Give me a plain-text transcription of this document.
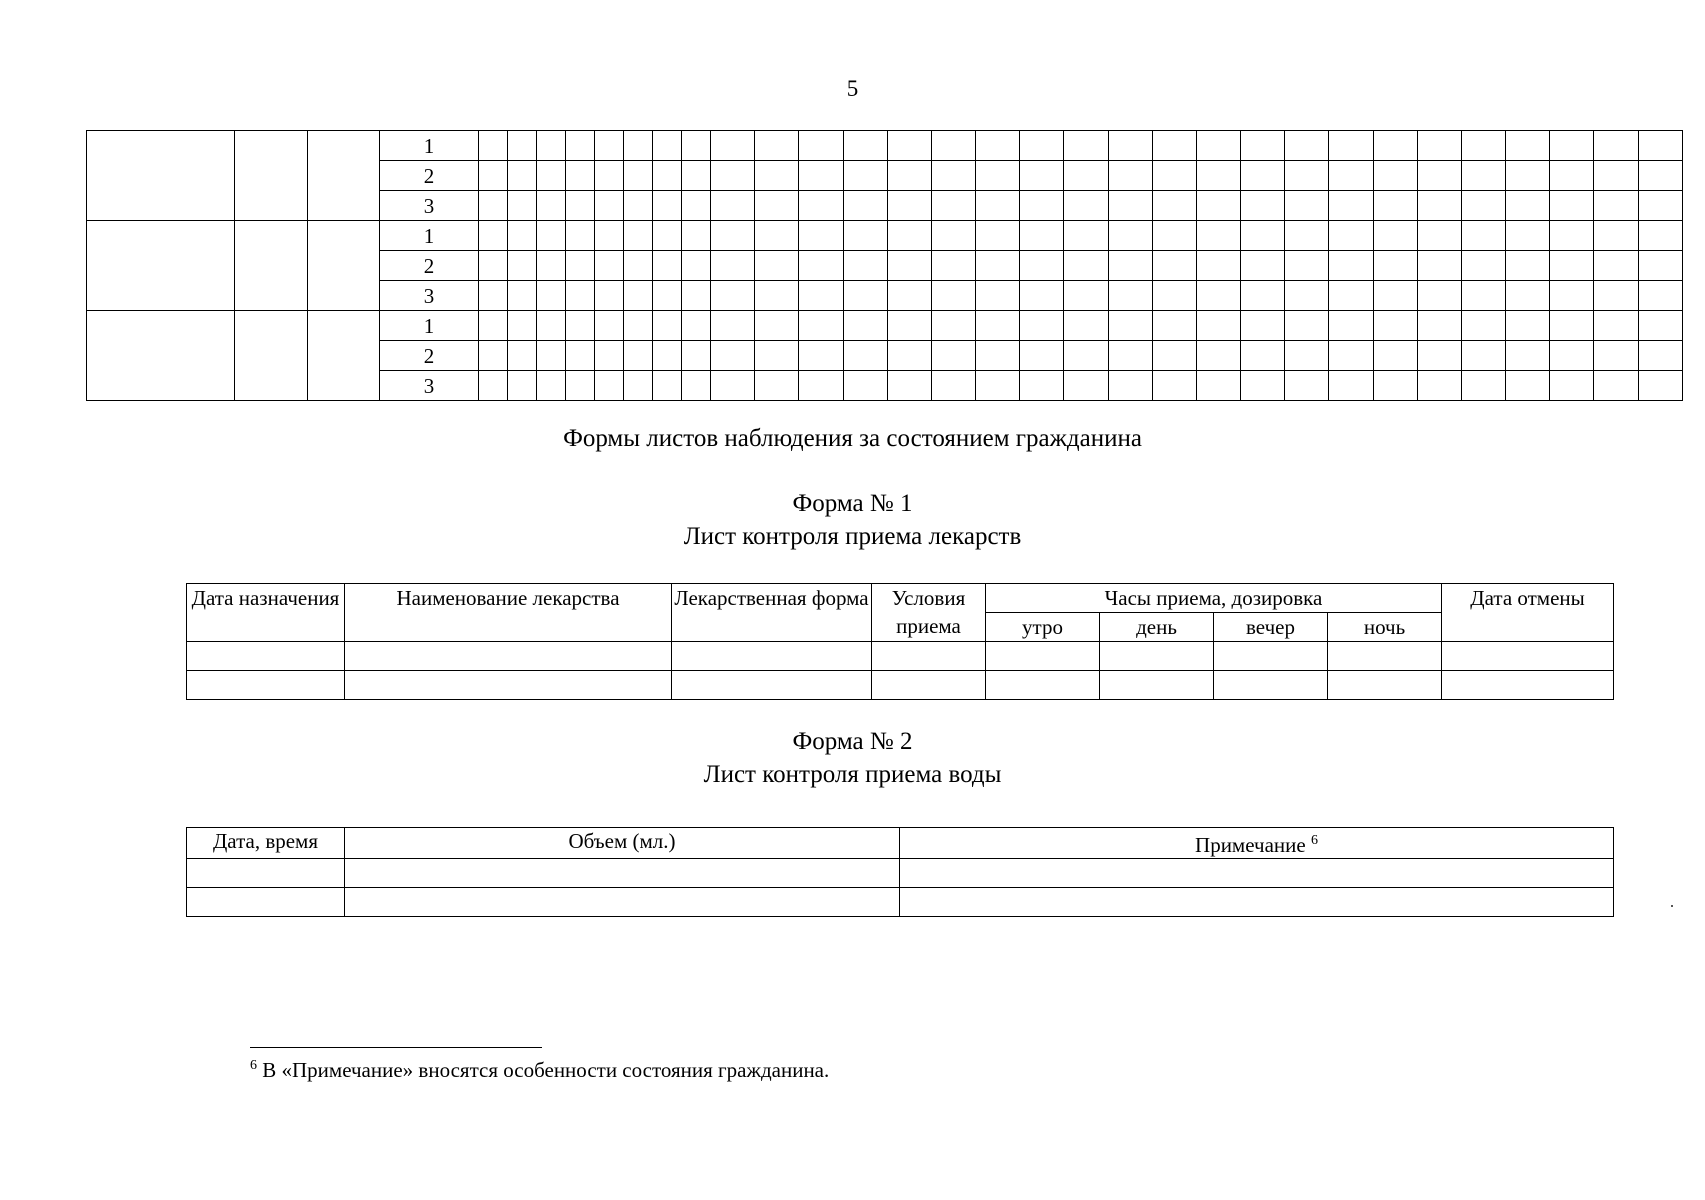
5
			1																														
			2																														
			3																														
			1																														
			2																														
			3																														
			1																														
			2																														
			3																														
Формы листов наблюдения за состоянием гражданина
Форма № 1
Лист контроля приема лекарств
Дата назначения	Наименование лекарства	Лекарственная форма	Условия приема	Часы приема, дозировка				Дата отмены
				утро	день	вечер	ночь	

Форма № 2
Лист контроля приема воды
Дата, время	Объем (мл.)	Примечание $^6$

$^6$ В «Примечание» вносятся особенности состояния гражданина.
